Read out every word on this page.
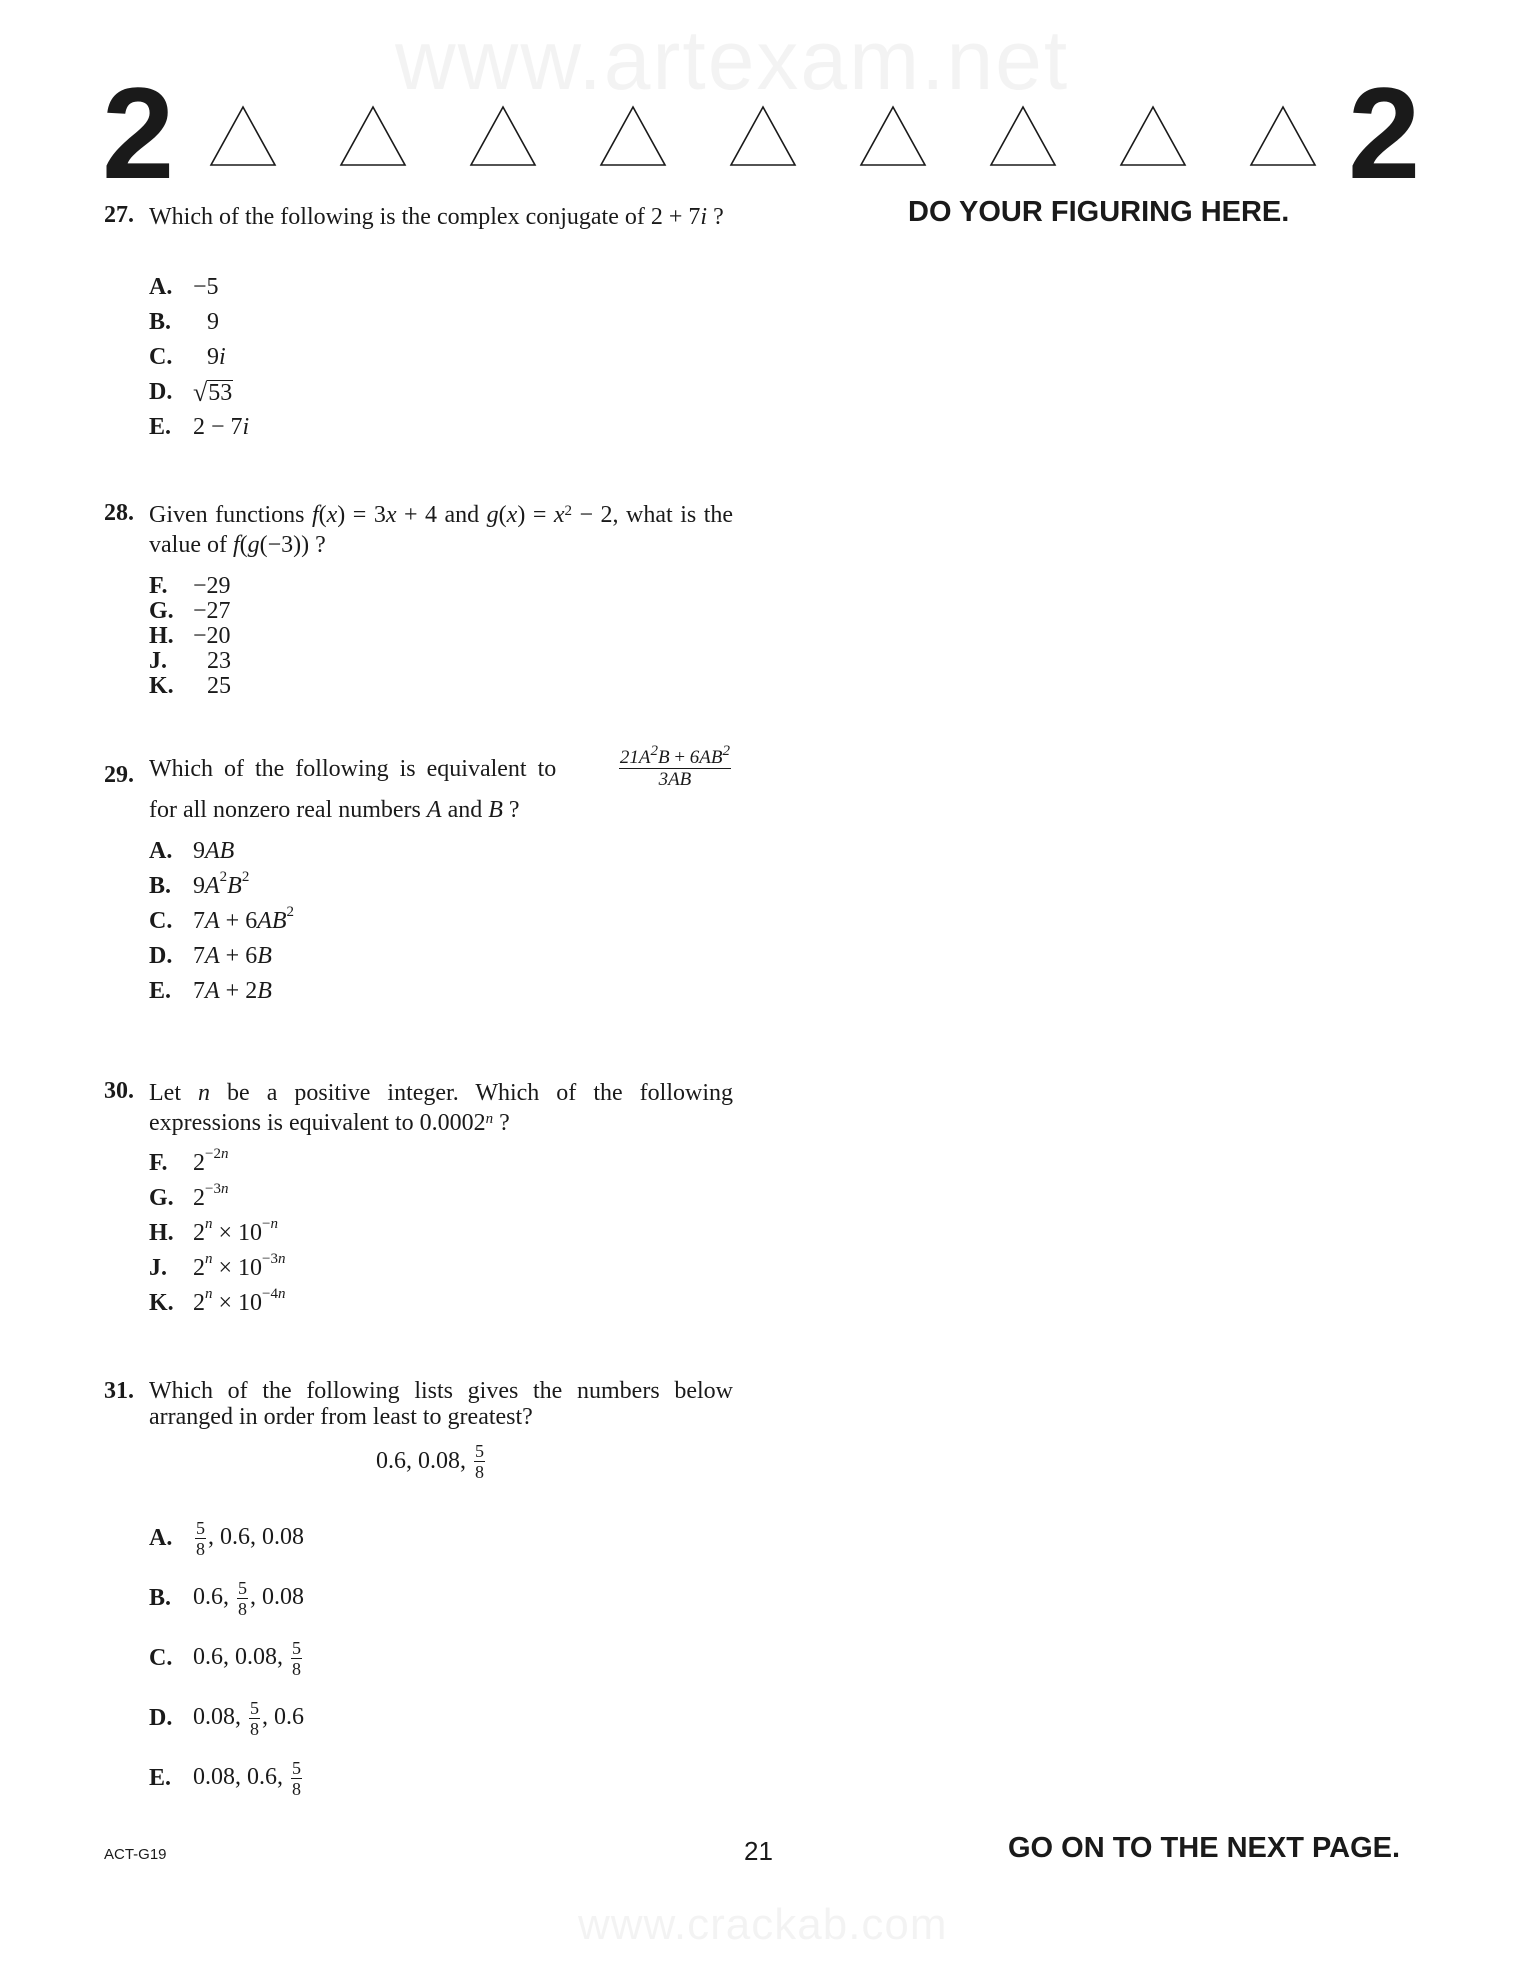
2	2
DO YOUR FIGURING HERE.
27. Which of the following is the complex conjugate of 2 + 7i ?
A. −5
B.	9
C.	9i
D. √ 53
E. 2 − 7i
28. Given functions f(x) = 3x + 4 and $g(x) = x^2 - 2$, what is the value of f(g(−3)) ?
F.	−29
G. −27
H. −20
J.	23
K.	25
29. Which of the following is equivalent to	$\frac{21A^2B + 6AB^2}{3AB}$
for all nonzero real numbers A and B ?
A. 9AB
B. $9A^2B^2$
C. $7A + 6AB^2$
D. 7A + 6B
E. 7A + 2B
30. Let n be a positive integer. Which of the following expressions is equivalent to 0.0002$^n$ ?
F.	$2^{-2n}$
G. $2^{-3n}$
H. $2^n \times 10^{-n}$
J.	$2^n \times 10^{-3n}$
K. $2^n \times 10^{-4n}$
31. Which of the following lists gives the numbers below arranged in order from least to greatest?
0.6, 0.08,
$\frac{5}{8}$
A.	$\frac{5}{8}$ , 0.6, 0.08
B. 0.6, $\frac{5}{8}$ , 0.08
C. 0.6, 0.08, $\frac{5}{8}$
D. 0.08, $\frac{5}{8}$ , 0.6
E. 0.08, 0.6, $\frac{5}{8}$
ACT-G19	21	GO ON TO THE NEXT PAGE.
